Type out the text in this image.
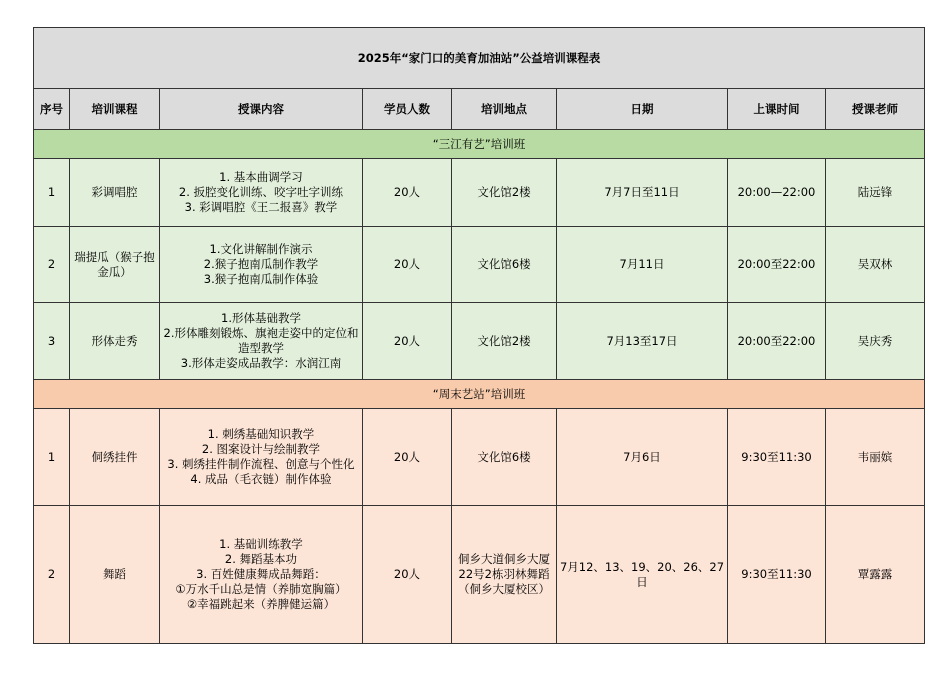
2025年“家门口的美育加油站”公益培训课程表							
序号	培训课程	授课内容	学员人数	培训地点	日期	上课时间	授课老师
“三江有艺”培训班							
1	彩调唱腔	1. 基本曲调学习
2. 扳腔变化训练、咬字吐字训练
3. 彩调唱腔《王二报喜》教学	20人	文化馆2楼	7月7日至11日	20:00—22:00	陆远锋
2	瑞提瓜（猴子抱金瓜）	1.文化讲解制作演示
2.猴子抱南瓜制作教学
3.猴子抱南瓜制作体验	20人	文化馆6楼	7月11日	20:00至22:00	吴双林
3	形体走秀	1.形体基础教学
2.形体雕刻锻炼、旗袍走姿中的定位和造型教学
3.形体走姿成品教学：水润江南	20人	文化馆2楼	7月13至17日	20:00至22:00	吴庆秀
“周末艺站”培训班							
1	侗绣挂件	1. 刺绣基础知识教学
2. 图案设计与绘制教学
3. 刺绣挂件制作流程、创意与个性化
4. 成品（毛衣链）制作体验	20人	文化馆6楼	7月6日	9:30至11:30	韦丽嫔
2	舞蹈	1. 基础训练教学
2. 舞蹈基本功
3. 百姓健康舞成品舞蹈：
①万水千山总是情（养肺宽胸篇）
②幸福跳起来（养脾健运篇）	20人	侗乡大道侗乡大厦22号2栋羽林舞蹈（侗乡大厦校区）	7月12、13、19、20、26、27日	9:30至11:30	覃露露
